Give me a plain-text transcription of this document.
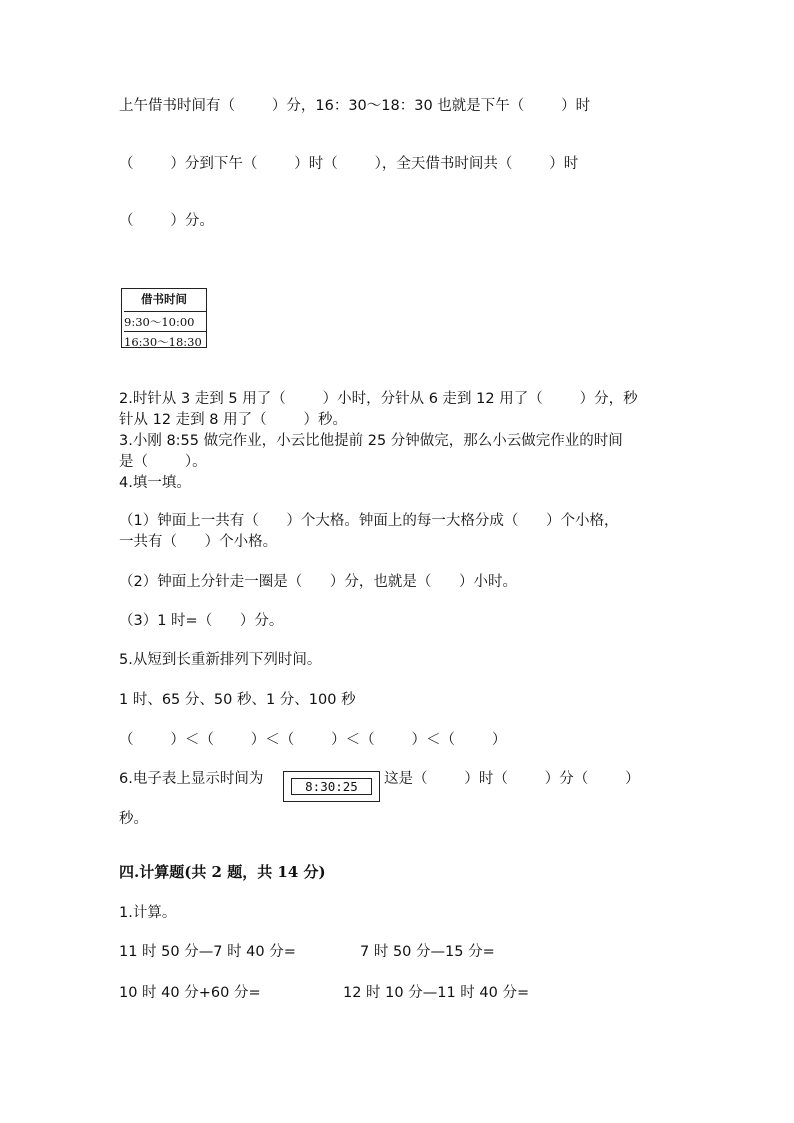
上午借书时间有（        ）分，16：30～18：30 也就是下午（        ）时
（        ）分到下午（        ）时（        ），全天借书时间共（        ）时
（        ）分。
借书时间
9:30～10:00
16:30～18:30
2.时针从 3 走到 5 用了（        ）小时，分针从 6 走到 12 用了（        ）分，秒
针从 12 走到 8 用了（        ）秒。
3.小刚 8:55 做完作业，小云比他提前 25 分钟做完，那么小云做完作业的时间
是（        ）。
4.填一填。
（1）钟面上一共有（      ）个大格。钟面上的每一大格分成（      ）个小格，
一共有（      ）个小格。
（2）钟面上分针走一圈是（      ）分，也就是（      ）小时。
（3）1 时=（      ）分。
5.从短到长重新排列下列时间。
1 时、65 分、50 秒、1 分、100 秒
（        ）＜（        ）＜（        ）＜（        ）＜（        ）
6.电子表上显示时间为	8:30:25	这是（        ）时（        ）分（        ）
秒。
四.计算题(共 2 题，共 14 分)
1.计算。
11 时 50 分—7 时 40 分=	7 时 50 分—15 分=
10 时 40 分+60 分=	12 时 10 分—11 时 40 分=
